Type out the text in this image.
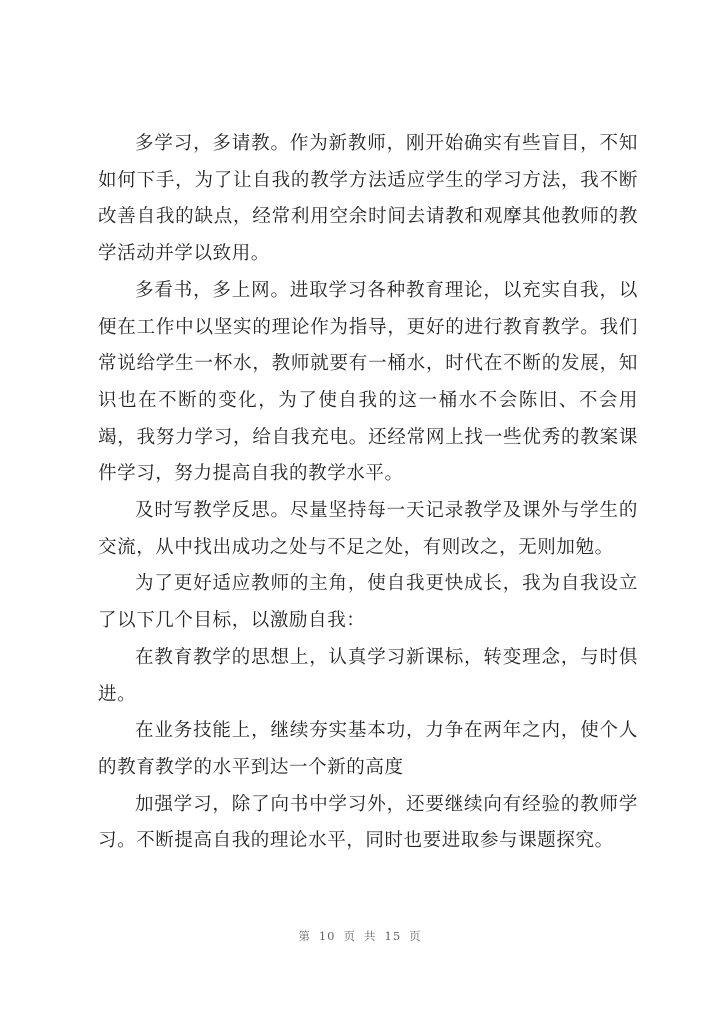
多学习，多请教。作为新教师，刚开始确实有些盲目，不知如何下手，为了让自我的教学方法适应学生的学习方法，我不断改善自我的缺点，经常利用空余时间去请教和观摩其他教师的教学活动并学以致用。

多看书，多上网。进取学习各种教育理论，以充实自我，以便在工作中以坚实的理论作为指导，更好的进行教育教学。我们常说给学生一杯水，教师就要有一桶水，时代在不断的发展，知识也在不断的变化，为了使自我的这一桶水不会陈旧、不会用竭，我努力学习，给自我充电。还经常网上找一些优秀的教案课件学习，努力提高自我的教学水平。

及时写教学反思。尽量坚持每一天记录教学及课外与学生的交流，从中找出成功之处与不足之处，有则改之，无则加勉。

为了更好适应教师的主角，使自我更快成长，我为自我设立了以下几个目标，以激励自我：

在教育教学的思想上，认真学习新课标，转变理念，与时俱进。

在业务技能上，继续夯实基本功，力争在两年之内，使个人的教育教学的水平到达一个新的高度

加强学习，除了向书中学习外，还要继续向有经验的教师学习。不断提高自我的理论水平，同时也要进取参与课题探究。

第 10 页 共 15 页
